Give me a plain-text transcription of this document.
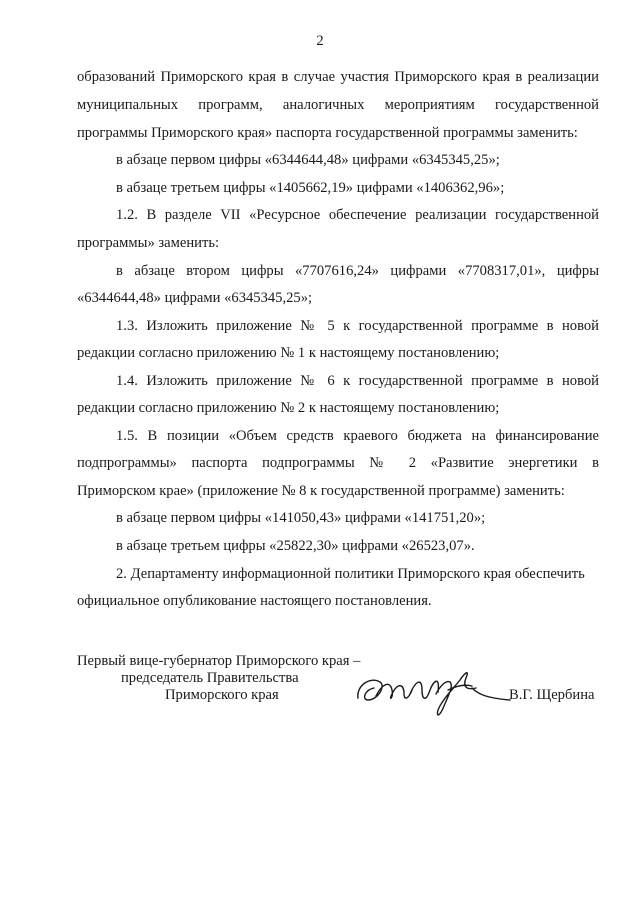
2
образований Приморского края в случае участия Приморского края в реализации
муниципальных программ, аналогичных мероприятиям государственной
программы Приморского края» паспорта государственной программы заменить:
в абзаце первом цифры «6344644,48» цифрами «6345345,25»;
в абзаце третьем цифры «1405662,19» цифрами «1406362,96»;
1.2. В разделе VII «Ресурсное обеспечение реализации государственной
программы» заменить:
в абзаце втором цифры «7707616,24» цифрами «7708317,01», цифры
«6344644,48» цифрами «6345345,25»;
1.3. Изложить приложение № 5 к государственной программе в новой
редакции согласно приложению № 1 к настоящему постановлению;
1.4. Изложить приложение № 6 к государственной программе в новой
редакции согласно приложению № 2 к настоящему постановлению;
1.5. В позиции «Объем средств краевого бюджета на финансирование
подпрограммы» паспорта подпрограммы № 2 «Развитие энергетики в
Приморском крае» (приложение № 8 к государственной программе) заменить:
в абзаце первом цифры «141050,43» цифрами «141751,20»;
в абзаце третьем цифры «25822,30» цифрами «26523,07».
2. Департаменту информационной политики Приморского края обеспечить
официальное опубликование настоящего постановления.
Первый вице-губернатор Приморского края –
председатель Правительства
Приморского края	В.Г. Щербина
